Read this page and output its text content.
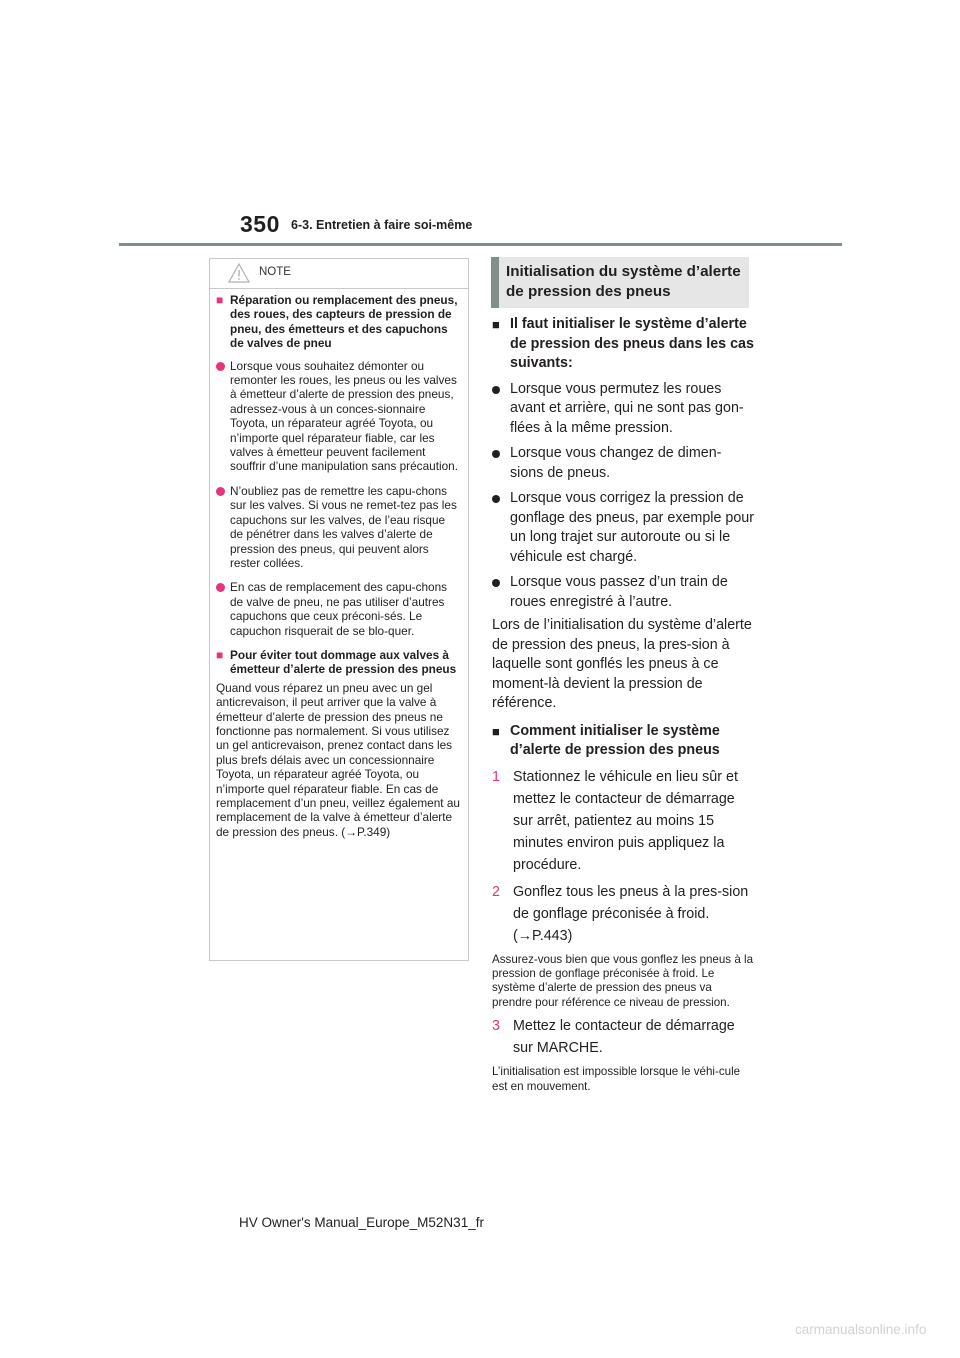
350 6-3. Entretien à faire soi-même
NOTE
■ Réparation ou remplacement des pneus, des roues, des capteurs de pression de pneu, des émetteurs et des capuchons de valves de pneu
Lorsque vous souhaitez démonter ou remonter les roues, les pneus ou les valves à émetteur d’alerte de pression des pneus, adressez-vous à un conces-sionnaire Toyota, un réparateur agréé Toyota, ou n’importe quel réparateur fiable, car les valves à émetteur peuvent facilement souffrir d’une manipulation sans précaution.
N’oubliez pas de remettre les capu-chons sur les valves. Si vous ne remet-tez pas les capuchons sur les valves, de l’eau risque de pénétrer dans les valves d’alerte de pression des pneus, qui peuvent alors rester collées.
En cas de remplacement des capu-chons de valve de pneu, ne pas utiliser d’autres capuchons que ceux préconi-sés. Le capuchon risquerait de se blo-quer.
■ Pour éviter tout dommage aux valves à émetteur d’alerte de pression des pneus
Quand vous réparez un pneu avec un gel anticrevaison, il peut arriver que la valve à émetteur d’alerte de pression des pneus ne fonctionne pas normalement. Si vous utilisez un gel anticrevaison, prenez contact dans les plus brefs délais avec un concessionnaire Toyota, un réparateur agréé Toyota, ou n’importe quel réparateur fiable. En cas de remplacement d’un pneu, veillez également au remplacement de la valve à émetteur d’alerte de pression des pneus. (→P.349)
Initialisation du système d’alerte de pression des pneus
■ Il faut initialiser le système d’alerte de pression des pneus dans les cas suivants:
Lorsque vous permutez les roues avant et arrière, qui ne sont pas gon-flées à la même pression.
Lorsque vous changez de dimen-sions de pneus.
Lorsque vous corrigez la pression de gonflage des pneus, par exemple pour un long trajet sur autoroute ou si le véhicule est chargé.
Lorsque vous passez d’un train de roues enregistré à l’autre.
Lors de l’initialisation du système d’alerte de pression des pneus, la pres-sion à laquelle sont gonflés les pneus à ce moment-là devient la pression de référence.
■ Comment initialiser le système d’alerte de pression des pneus
1 Stationnez le véhicule en lieu sûr et mettez le contacteur de démarrage sur arrêt, patientez au moins 15 minutes environ puis appliquez la procédure.
2 Gonflez tous les pneus à la pres-sion de gonflage préconisée à froid. (→P.443)
Assurez-vous bien que vous gonflez les pneus à la pression de gonflage préconisée à froid. Le système d’alerte de pression des pneus va prendre pour référence ce niveau de pression.
3 Mettez le contacteur de démarrage sur MARCHE.
L’initialisation est impossible lorsque le véhi-cule est en mouvement.
HV Owner's Manual_Europe_M52N31_fr
carmanualsonline.info
